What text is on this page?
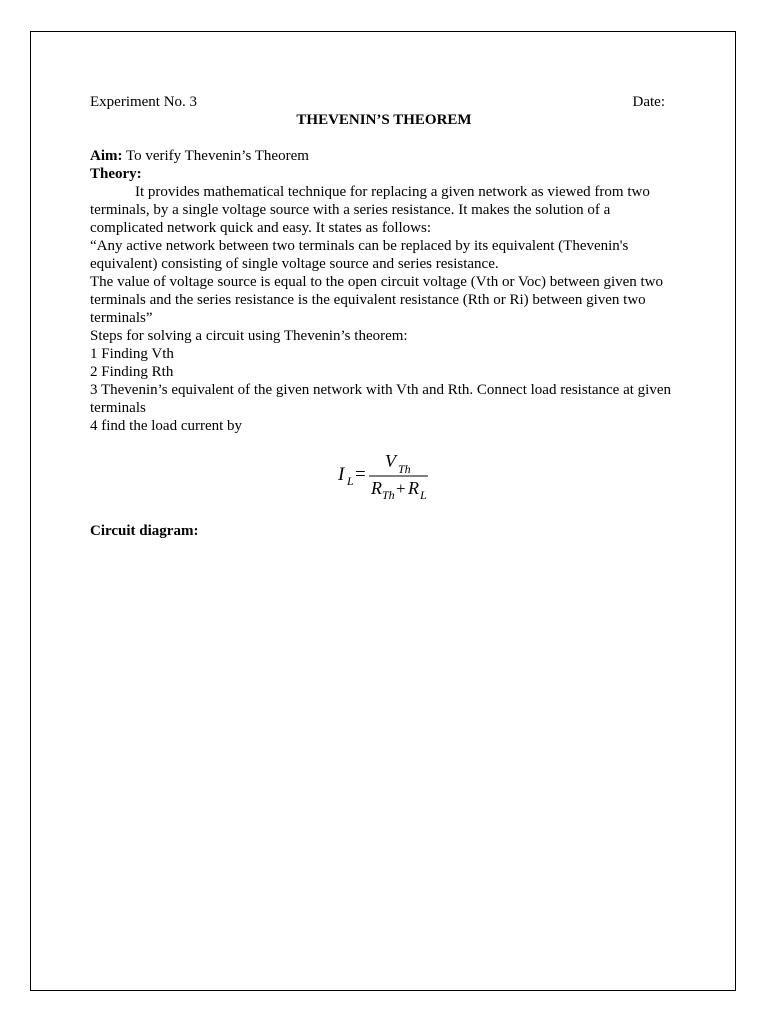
Experiment No. 3	Date:
THEVENIN’S THEOREM

Aim: To verify Thevenin’s Theorem

Theory:

It provides mathematical technique for replacing a given network as viewed from two terminals, by a single voltage source with a series resistance. It makes the solution of a complicated network quick and easy. It states as follows:

“Any active network between two terminals can be replaced by its equivalent (Thevenin's equivalent) consisting of single voltage source and series resistance.

The value of voltage source is equal to the open circuit voltage (Vth or Voc) between given two terminals and the series resistance is the equivalent resistance (Rth or Ri) between given two terminals”

Steps for solving a circuit using Thevenin’s theorem:

1 Finding Vth

2 Finding Rth

3 Thevenin’s equivalent of the given network with Vth and Rth. Connect load resistance at given terminals

4 find the load current by

I L =
V Th
R Th + R L

Circuit diagram:
